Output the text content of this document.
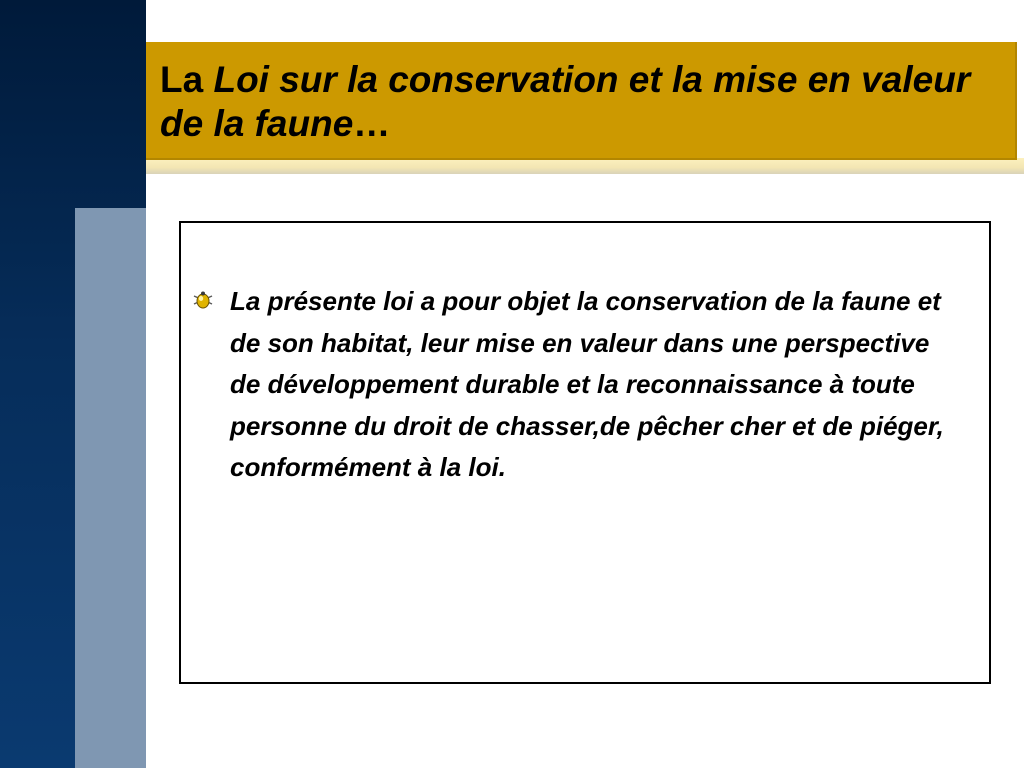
La Loi sur la conservation et la mise en valeur de la faune…

La présente loi a pour objet la conservation de la faune et de son habitat, leur mise en valeur dans une perspective de développement durable et la reconnaissance à toute personne du droit de chasser,de pêcher cher et de piéger, conformément à la loi.
